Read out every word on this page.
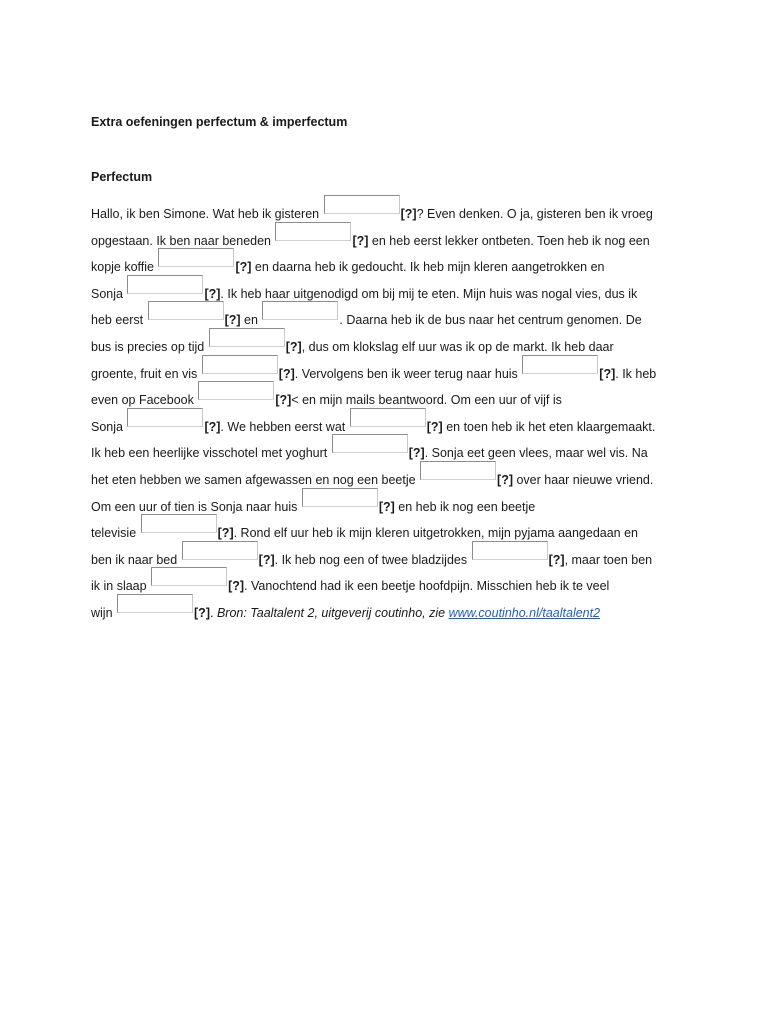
Extra oefeningen perfectum & imperfectum

Perfectum

Hallo, ik ben Simone. Wat heb ik gisteren	[?]? Even denken. O ja, gisteren ben ik vroeg
opgestaan. Ik ben naar beneden	[?] en heb eerst lekker ontbeten. Toen heb ik nog een
kopje koffie	[?] en daarna heb ik gedoucht. Ik heb mijn kleren aangetrokken en
Sonja	[?]. Ik heb haar uitgenodigd om bij mij te eten. Mijn huis was nogal vies, dus ik
heb eerst	[?] en	. Daarna heb ik de bus naar het centrum genomen. De
bus is precies op tijd	[?], dus om klokslag elf uur was ik op de markt. Ik heb daar
groente, fruit en vis	[?]. Vervolgens ben ik weer terug naar huis	[?]. Ik heb
even op Facebook	[?]< en mijn mails beantwoord. Om een uur of vijf is
Sonja	[?]. We hebben eerst wat	[?] en toen heb ik het eten klaargemaakt.
Ik heb een heerlijke visschotel met yoghurt	[?]. Sonja eet geen vlees, maar wel vis. Na
het eten hebben we samen afgewassen en nog een beetje	[?] over haar nieuwe vriend.
Om een uur of tien is Sonja naar huis	[?] en heb ik nog een beetje
televisie	[?]. Rond elf uur heb ik mijn kleren uitgetrokken, mijn pyjama aangedaan en
ben ik naar bed	[?]. Ik heb nog een of twee bladzijdes	[?], maar toen ben
ik in slaap	[?]. Vanochtend had ik een beetje hoofdpijn. Misschien heb ik te veel
wijn	[?]. Bron: Taaltalent 2, uitgeverij coutinho, zie www.coutinho.nl/taaltalent2
